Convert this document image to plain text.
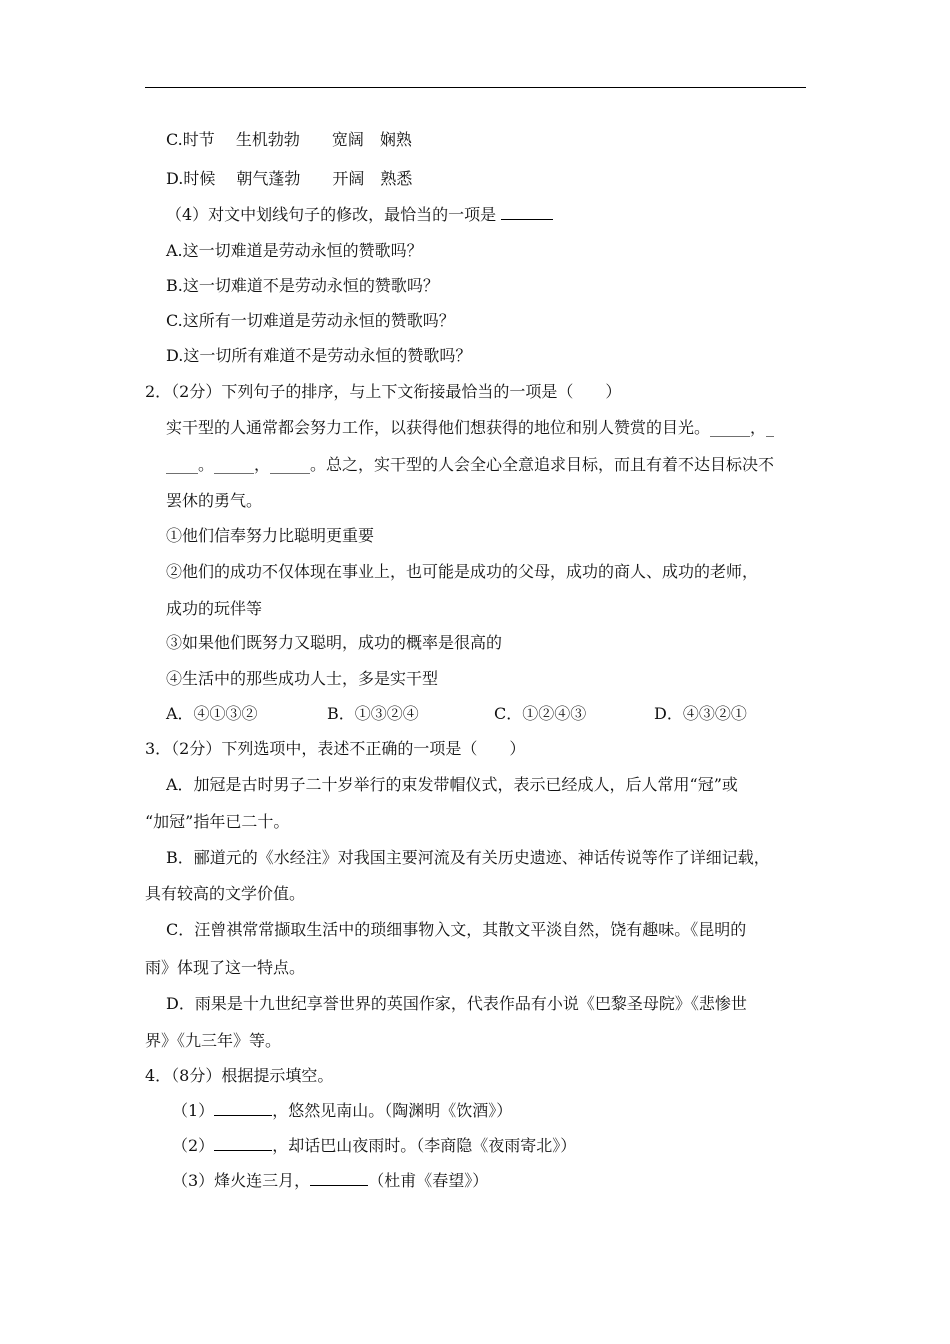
C.时节　 生机勃勃　　宽阔　娴熟
D.时候　 朝气蓬勃　　开阔　熟悉
（4）对文中划线句子的修改，最恰当的一项是
A.这一切难道是劳动永恒的赞歌吗？
B.这一切难道不是劳动永恒的赞歌吗？
C.这所有一切难道是劳动永恒的赞歌吗？
D.这一切所有难道不是劳动永恒的赞歌吗？
2．（2分）下列句子的排序，与上下文衔接最恰当的一项是（　　）
实干型的人通常都会努力工作，以获得他们想获得的地位和别人赞赏的目光。_____，_
____。_____，_____。总之，实干型的人会全心全意追求目标，而且有着不达目标决不
罢休的勇气。
①他们信奉努力比聪明更重要
②他们的成功不仅体现在事业上，也可能是成功的父母，成功的商人、成功的老师，
成功的玩伴等
③如果他们既努力又聪明，成功的概率是很高的
④生活中的那些成功人士，多是实干型
A．④①③②	B．①③②④	C．①②④③	D．④③②①
3．（2分）下列选项中，表述不正确的一项是（　　）
A．加冠是古时男子二十岁举行的束发带帽仪式，表示已经成人，后人常用“冠”或
“加冠”指年已二十。
B．郦道元的《水经注》对我国主要河流及有关历史遗迹、神话传说等作了详细记载，
具有较高的文学价值。
C．汪曾祺常常撷取生活中的琐细事物入文，其散文平淡自然，饶有趣味。《昆明的
雨》体现了这一特点。
D．雨果是十九世纪享誉世界的英国作家，代表作品有小说《巴黎圣母院》《悲惨世
界》《九三年》等。
4．（8分）根据提示填空。
（1）	，悠然见南山。（陶渊明《饮酒》）
（2）	，却话巴山夜雨时。（李商隐《夜雨寄北》）
（3）烽火连三月，	（杜甫《春望》）
